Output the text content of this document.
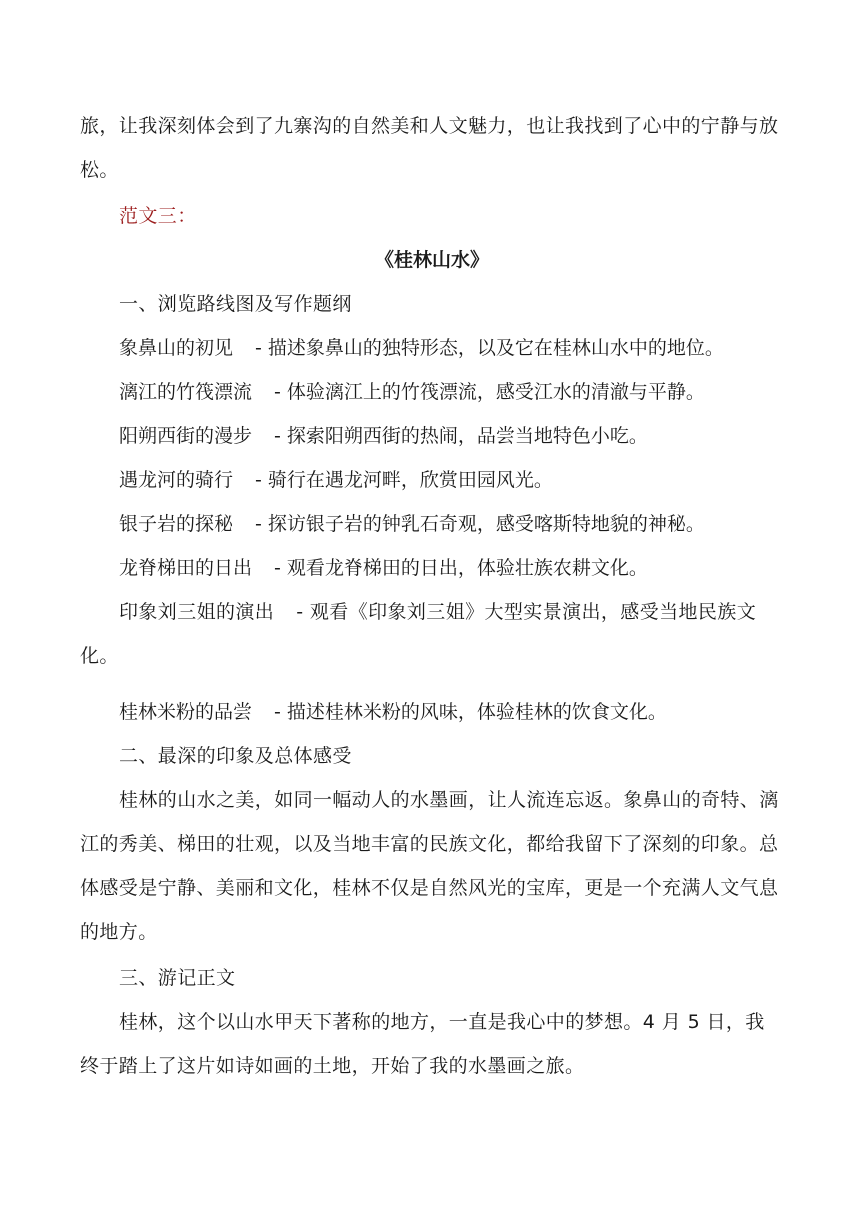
旅，让我深刻体会到了九寨沟的自然美和人文魅力，也让我找到了心中的宁静与放松。

范文三：

《桂林山水》

一、浏览路线图及写作题纲

象鼻山的初见 - 描述象鼻山的独特形态，以及它在桂林山水中的地位。
漓江的竹筏漂流 - 体验漓江上的竹筏漂流，感受江水的清澈与平静。
阳朔西街的漫步 - 探索阳朔西街的热闹，品尝当地特色小吃。
遇龙河的骑行 - 骑行在遇龙河畔，欣赏田园风光。
银子岩的探秘 - 探访银子岩的钟乳石奇观，感受喀斯特地貌的神秘。
龙脊梯田的日出 - 观看龙脊梯田的日出，体验壮族农耕文化。

印象刘三姐的演出 - 观看《印象刘三姐》大型实景演出，感受当地民族文化。

桂林米粉的品尝 - 描述桂林米粉的风味，体验桂林的饮食文化。

二、最深的印象及总体感受

桂林的山水之美，如同一幅动人的水墨画，让人流连忘返。象鼻山的奇特、漓江的秀美、梯田的壮观，以及当地丰富的民族文化，都给我留下了深刻的印象。总体感受是宁静、美丽和文化，桂林不仅是自然风光的宝库，更是一个充满人文气息的地方。

三、游记正文

桂林，这个以山水甲天下著称的地方，一直是我心中的梦想。4 月 5 日，我终于踏上了这片如诗如画的土地，开始了我的水墨画之旅。
